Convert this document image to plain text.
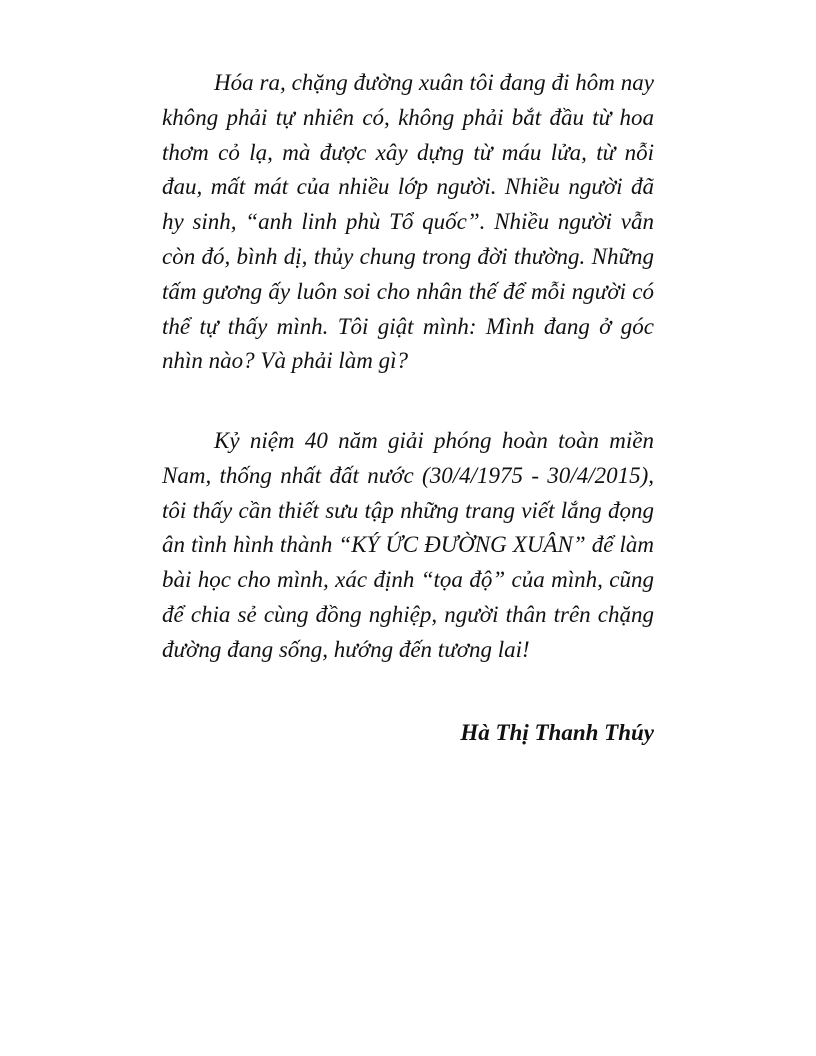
Hóa ra, chặng đường xuân tôi đang đi hôm nay không phải tự nhiên có, không phải bắt đầu từ hoa thơm cỏ lạ, mà được xây dựng từ máu lửa, từ nỗi đau, mất mát của nhiều lớp người. Nhiều người đã hy sinh, “anh linh phù Tổ quốc”. Nhiều người vẫn còn đó, bình dị, thủy chung trong đời thường. Những tấm gương ấy luôn soi cho nhân thế để mỗi người có thể tự thấy mình. Tôi giật mình: Mình đang ở góc nhìn nào? Và phải làm gì?

Kỷ niệm 40 năm giải phóng hoàn toàn miền Nam, thống nhất đất nước (30/4/1975 - 30/4/2015), tôi thấy cần thiết sưu tập những trang viết lắng đọng ân tình hình thành “KÝ ỨC ĐƯỜNG XUÂN” để làm bài học cho mình, xác định “tọa độ” của mình, cũng để chia sẻ cùng đồng nghiệp, người thân trên chặng đường đang sống, hướng đến tương lai!

Hà Thị Thanh Thúy
